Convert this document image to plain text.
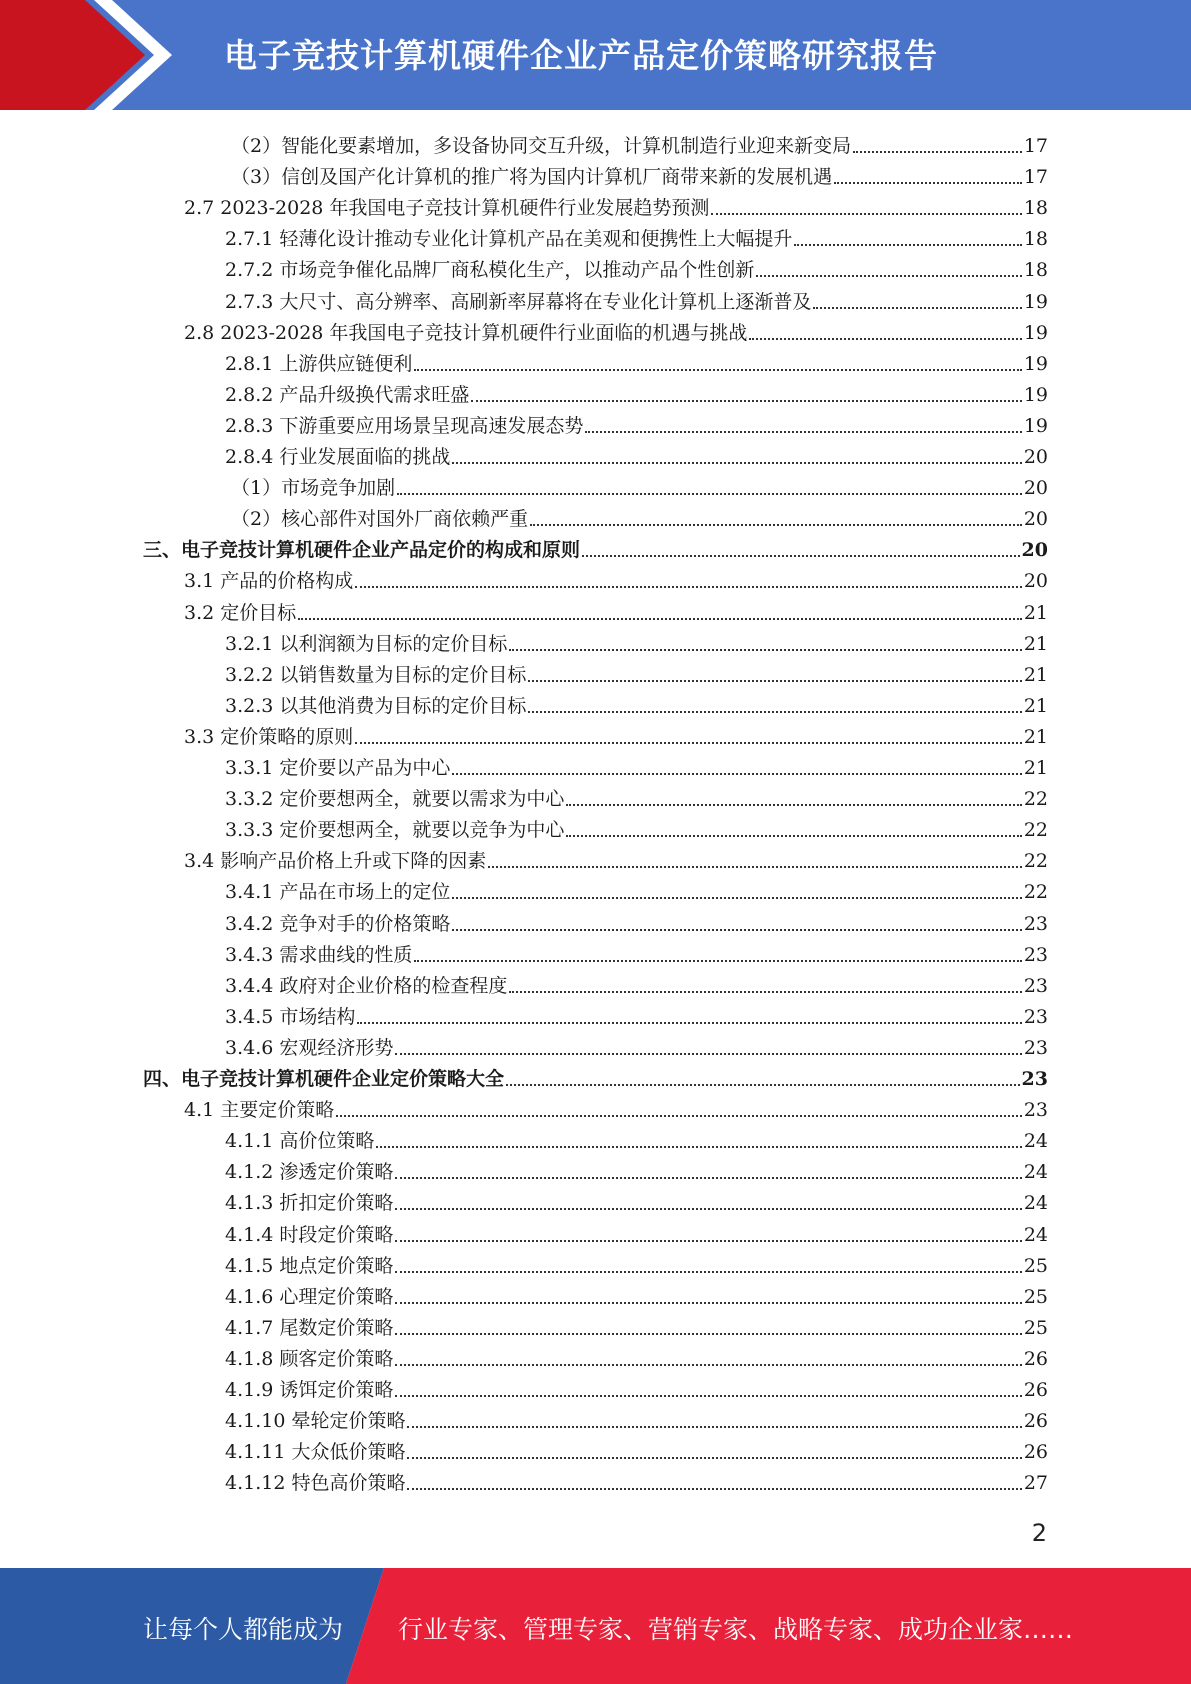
电子竞技计算机硬件企业产品定价策略研究报告
（2）智能化要素增加，多设备协同交互升级，计算机制造行业迎来新变局	17
（3）信创及国产化计算机的推广将为国内计算机厂商带来新的发展机遇	17
2.7 2023-2028 年我国电子竞技计算机硬件行业发展趋势预测	18
2.7.1 轻薄化设计推动专业化计算机产品在美观和便携性上大幅提升	18
2.7.2 市场竞争催化品牌厂商私模化生产，以推动产品个性创新	18
2.7.3 大尺寸、高分辨率、高刷新率屏幕将在专业化计算机上逐渐普及	19
2.8 2023-2028 年我国电子竞技计算机硬件行业面临的机遇与挑战	19
2.8.1 上游供应链便利	19
2.8.2 产品升级换代需求旺盛	19
2.8.3 下游重要应用场景呈现高速发展态势	19
2.8.4 行业发展面临的挑战	20
（1）市场竞争加剧	20
（2）核心部件对国外厂商依赖严重	20
三、电子竞技计算机硬件企业产品定价的构成和原则	20
3.1 产品的价格构成	20
3.2 定价目标	21
3.2.1 以利润额为目标的定价目标	21
3.2.2 以销售数量为目标的定价目标	21
3.2.3 以其他消费为目标的定价目标	21
3.3 定价策略的原则	21
3.3.1 定价要以产品为中心	21
3.3.2 定价要想两全，就要以需求为中心	22
3.3.3 定价要想两全，就要以竞争为中心	22
3.4 影响产品价格上升或下降的因素	22
3.4.1 产品在市场上的定位	22
3.4.2 竞争对手的价格策略	23
3.4.3 需求曲线的性质	23
3.4.4 政府对企业价格的检查程度	23
3.4.5 市场结构	23
3.4.6 宏观经济形势	23
四、电子竞技计算机硬件企业定价策略大全	23
4.1 主要定价策略	23
4.1.1 高价位策略	24
4.1.2 渗透定价策略	24
4.1.3 折扣定价策略	24
4.1.4 时段定价策略	24
4.1.5 地点定价策略	25
4.1.6 心理定价策略	25
4.1.7 尾数定价策略	25
4.1.8 顾客定价策略	26
4.1.9 诱饵定价策略	26
4.1.10 晕轮定价策略	26
4.1.11 大众低价策略	26
4.1.12 特色高价策略	27
2
让每个人都能成为 行业专家、管理专家、营销专家、战略专家、成功企业家……
